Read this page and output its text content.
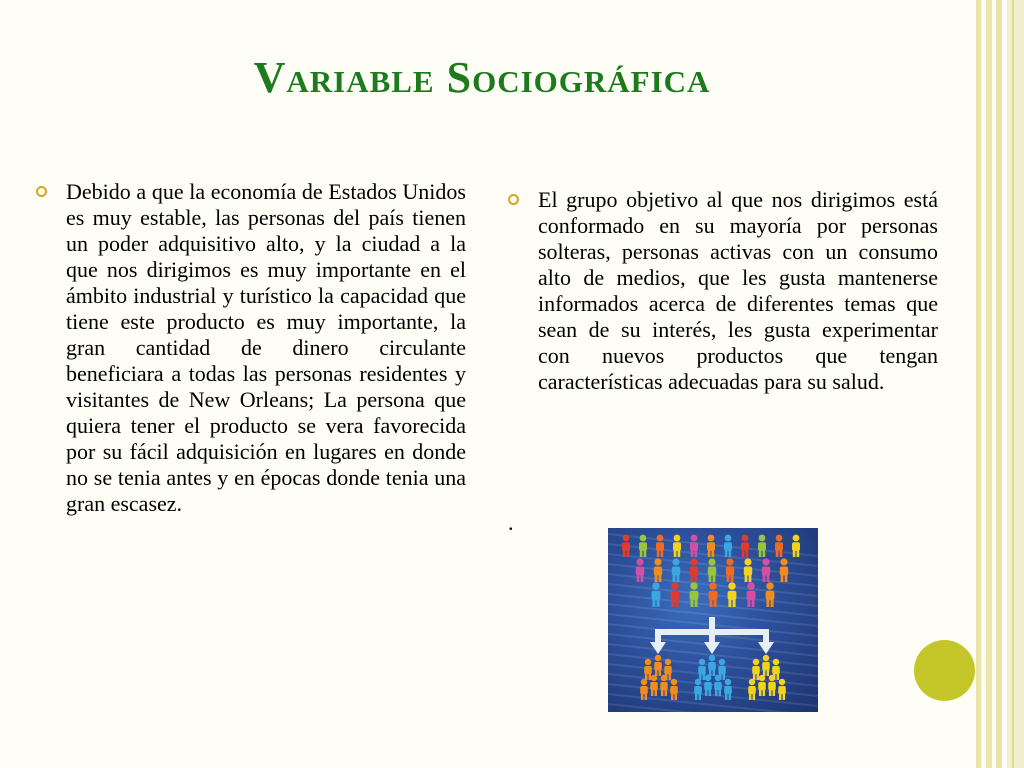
Variable Sociográfica
Debido a que la economía de Estados Unidos es muy estable, las personas del país tienen un poder adquisitivo alto, y la ciudad a la que nos dirigimos es muy importante en el ámbito industrial y turístico la capacidad que tiene este producto es muy importante, la gran cantidad de dinero circulante beneficiara a todas las personas residentes y visitantes de New Orleans; La persona que quiera tener el producto se vera favorecida por su fácil adquisición en lugares en donde no se tenia antes y en épocas donde tenia una gran escasez.
El grupo objetivo al que nos dirigimos está conformado en su mayoría por personas solteras, personas activas con un consumo alto de medios, que les gusta mantenerse informados acerca de diferentes temas que sean de su interés, les gusta experimentar con nuevos productos que tengan características adecuadas para su salud.
.
